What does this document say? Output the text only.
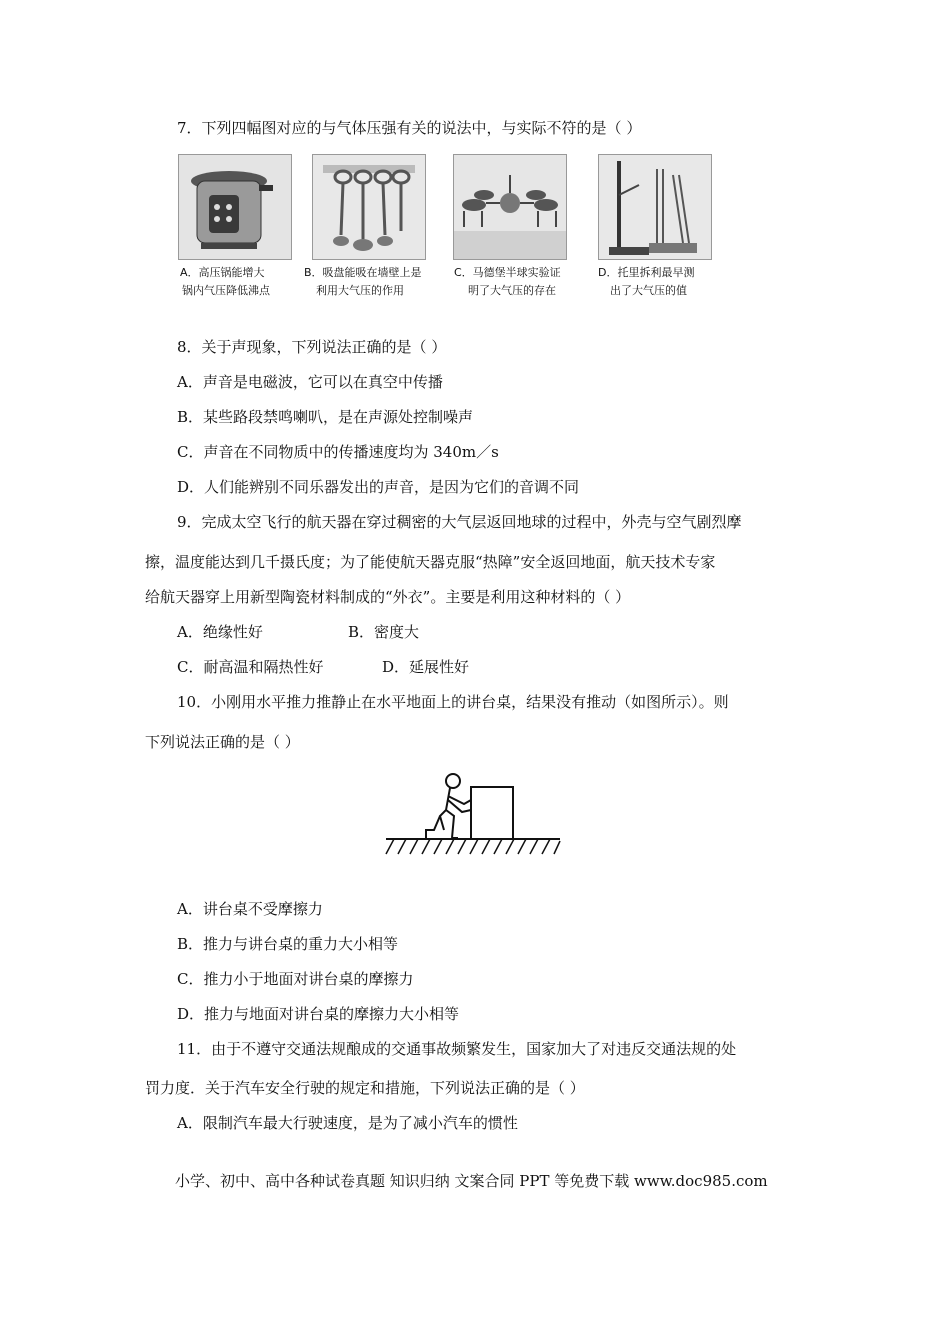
7．下列四幅图对应的与气体压强有关的说法中，与实际不符的是（ ）
A．高压锅能增大
锅内气压降低沸点
B．吸盘能吸在墙壁上是
利用大气压的作用
C．马德堡半球实验证
明了大气压的存在
D．托里拆利最早测
出了大气压的值
8．关于声现象，下列说法正确的是（ ）
A．声音是电磁波，它可以在真空中传播
B．某些路段禁鸣喇叭，是在声源处控制噪声
C．声音在不同物质中的传播速度均为 340m／s
D．人们能辨别不同乐器发出的声音，是因为它们的音调不同
9．完成太空飞行的航天器在穿过稠密的大气层返回地球的过程中，外壳与空气剧烈摩
擦，温度能达到几千摄氏度；为了能使航天器克服“热障”安全返回地面，航天技术专家
给航天器穿上用新型陶瓷材料制成的“外衣”。主要是利用这种材料的（ ）
A．绝缘性好	B．密度大
C．耐高温和隔热性好	D．延展性好
10．小刚用水平推力推静止在水平地面上的讲台桌，结果没有推动（如图所示）。则
下列说法正确的是（ ）
A．讲台桌不受摩擦力
B．推力与讲台桌的重力大小相等
C．推力小于地面对讲台桌的摩擦力
D．推力与地面对讲台桌的摩擦力大小相等
11．由于不遵守交通法规酿成的交通事故频繁发生，国家加大了对违反交通法规的处
罚力度．关于汽车安全行驶的规定和措施，下列说法正确的是（ ）
A．限制汽车最大行驶速度，是为了减小汽车的惯性
小学、初中、高中各种试卷真题 知识归纳 文案合同 PPT 等免费下载 www.doc985.com
